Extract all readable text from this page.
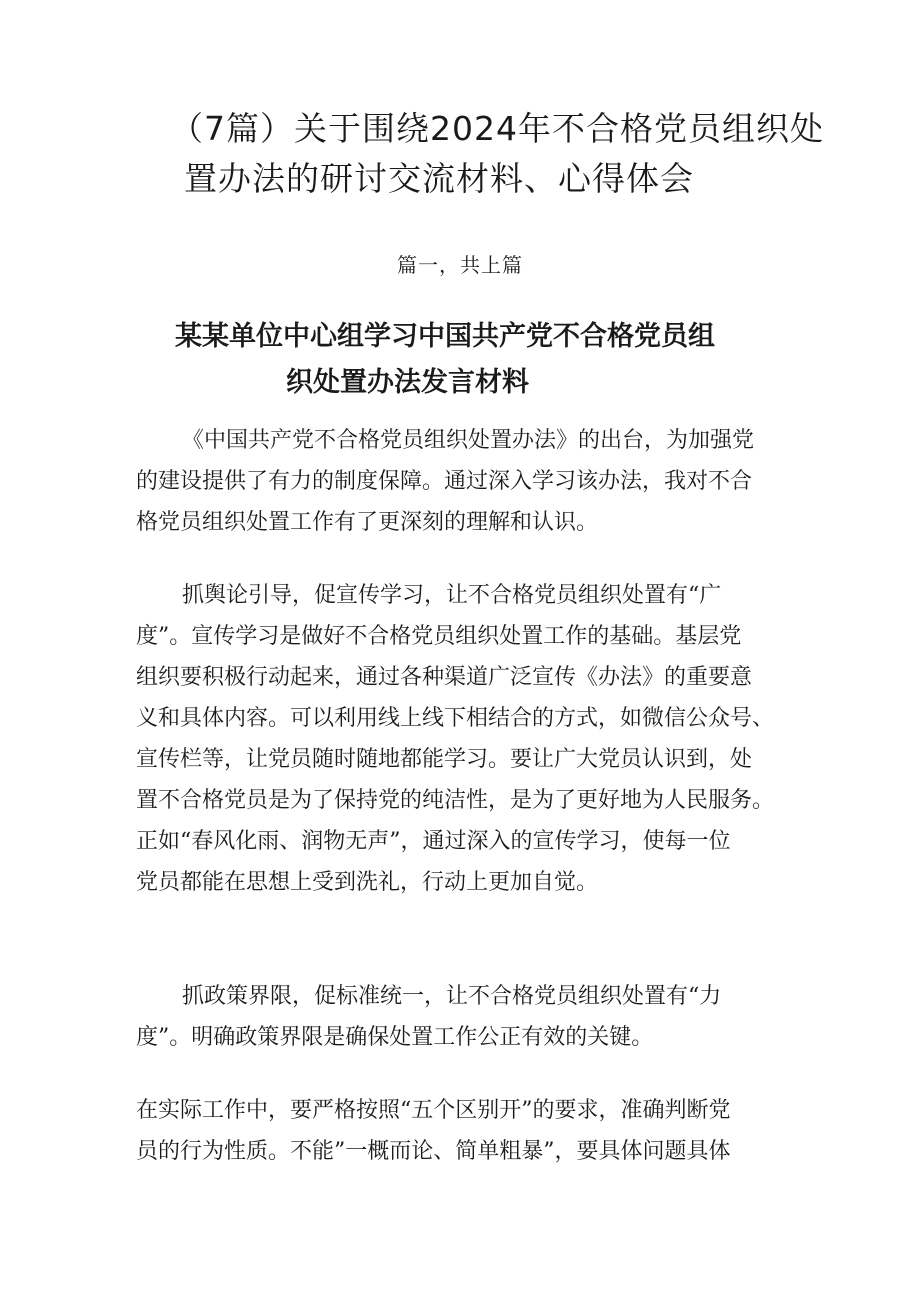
（7篇）关于围绕2024年不合格党员组织处
置办法的研讨交流材料、心得体会
篇一，共上篇
某某单位中心组学习中国共产党不合格党员组
织处置办法发言材料

《中国共产党不合格党员组织处置办法》的出台，为加强党
的建设提供了有力的制度保障。通过深入学习该办法，我对不合
格党员组织处置工作有了更深刻的理解和认识。

抓舆论引导，促宣传学习，让不合格党员组织处置有“广
度”。宣传学习是做好不合格党员组织处置工作的基础。基层党
组织要积极行动起来，通过各种渠道广泛宣传《办法》的重要意
义和具体内容。可以利用线上线下相结合的方式，如微信公众号、
宣传栏等，让党员随时随地都能学习。要让广大党员认识到，处
置不合格党员是为了保持党的纯洁性，是为了更好地为人民服务。
正如“春风化雨、润物无声”，通过深入的宣传学习，使每一位
党员都能在思想上受到洗礼，行动上更加自觉。

抓政策界限，促标准统一，让不合格党员组织处置有“力
度”。明确政策界限是确保处置工作公正有效的关键。

在实际工作中，要严格按照“五个区别开”的要求，准确判断党
员的行为性质。不能”一概而论、简单粗暴”，要具体问题具体
